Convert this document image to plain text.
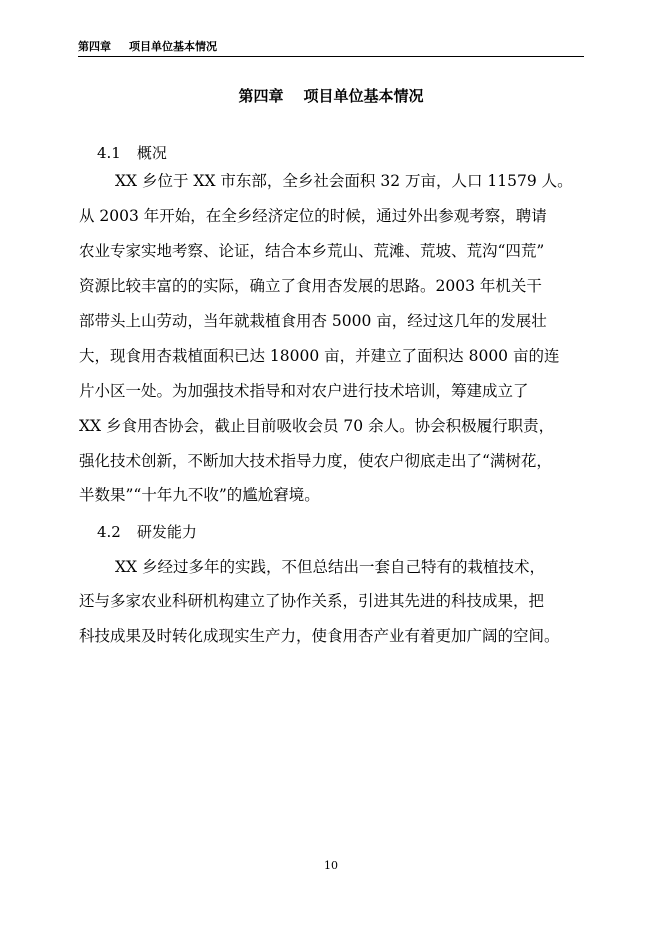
第四章 项目单位基本情况
第四章 项目单位基本情况
4.1 概况
XX 乡位于 XX 市东部，全乡社会面积 32 万亩，人口 11579 人。
从 2003 年开始，在全乡经济定位的时候，通过外出参观考察，聘请
农业专家实地考察、论证，结合本乡荒山、荒滩、荒坡、荒沟“四荒”
资源比较丰富的的实际，确立了食用杏发展的思路。2003 年机关干
部带头上山劳动，当年就栽植食用杏 5000 亩，经过这几年的发展壮
大，现食用杏栽植面积已达 18000 亩，并建立了面积达 8000 亩的连
片小区一处。为加强技术指导和对农户进行技术培训，筹建成立了
XX 乡食用杏协会，截止目前吸收会员 70 余人。协会积极履行职责，
强化技术创新，不断加大技术指导力度，使农户彻底走出了“满树花，
半数果”“十年九不收”的尴尬窘境。
4.2 研发能力
XX 乡经过多年的实践，不但总结出一套自己特有的栽植技术，
还与多家农业科研机构建立了协作关系，引进其先进的科技成果，把
科技成果及时转化成现实生产力，使食用杏产业有着更加广阔的空间。
10
